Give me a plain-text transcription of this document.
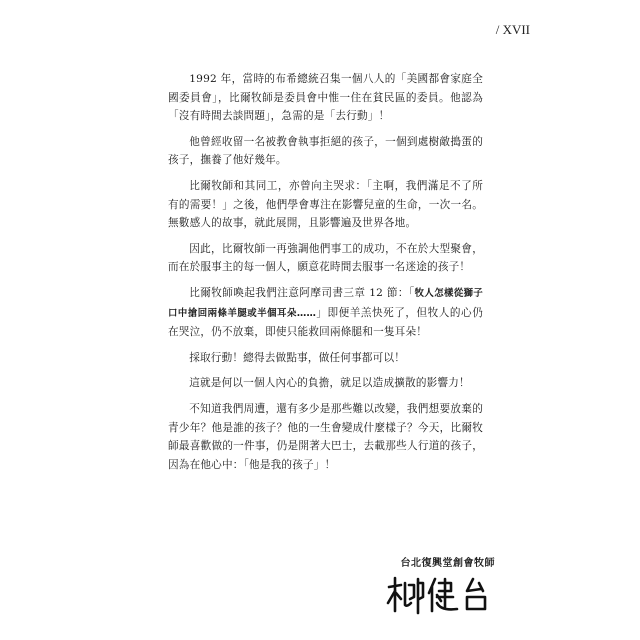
/ XVII

1992 年，當時的布希總統召集一個八人的「美國都會家庭全國委員會」，比爾牧師是委員會中惟一住在貧民區的委員。他認為「沒有時間去談問題」，急需的是「去行動」！

他曾經收留一名被教會執事拒絕的孩子，一個到處樹敵搗蛋的孩子，撫養了他好幾年。

比爾牧師和其同工，亦曾向主哭求：「主啊，我們滿足不了所有的需要！」之後，他們學會專注在影響兒童的生命，一次一名。無數感人的故事，就此展開，且影響遍及世界各地。

因此，比爾牧師一再強調他們事工的成功，不在於大型聚會，而在於服事主的每一個人，願意花時間去服事一名迷途的孩子！

比爾牧師喚起我們注意阿摩司書三章 12 節：「牧人怎樣從獅子口中搶回兩條羊腿或半個耳朵……」即便羊羔快死了，但牧人的心仍在哭泣，仍不放棄，即使只能救回兩條腿和一隻耳朵！

採取行動！總得去做點事，做任何事都可以！

這就是何以一個人內心的負擔，就足以造成擴散的影響力！

不知道我們周遭，還有多少是那些難以改變，我們想要放棄的青少年？他是誰的孩子？他的一生會變成什麼樣子？今天，比爾牧師最喜歡做的一件事，仍是開著大巴士，去載那些人行道的孩子，因為在他心中：「他是我的孩子」！

台北復興堂創會牧師
